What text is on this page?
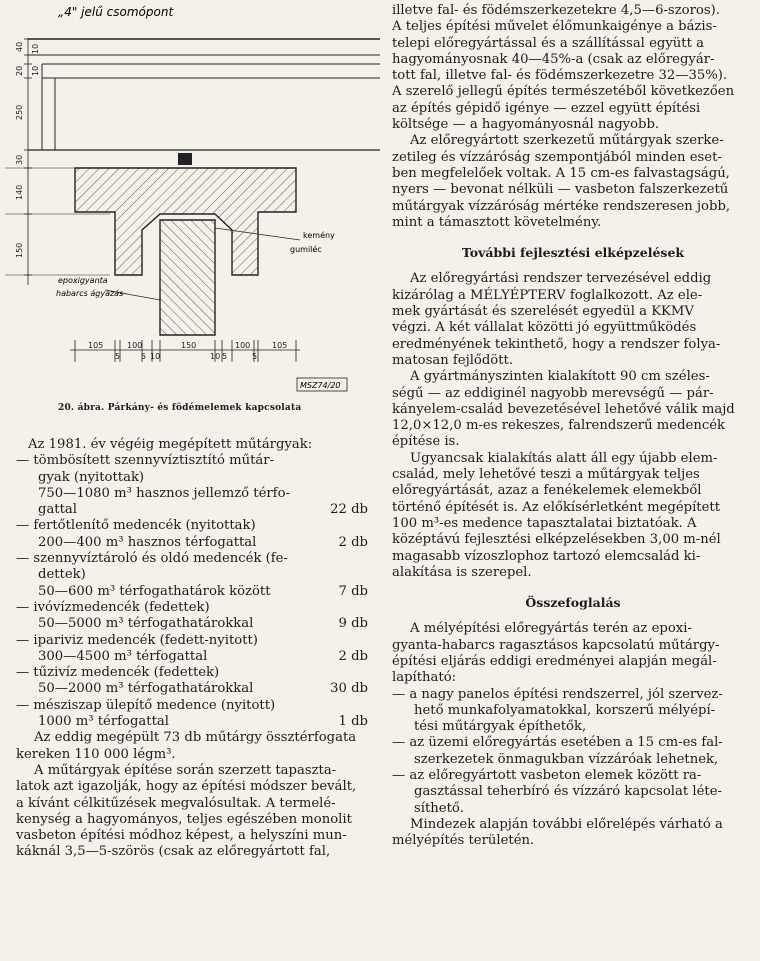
„4" jelű csomópont
kemény
gumiléc
epoxigyanta
habarcs ágyazás
40 10
20 10
250
30
140
150
105
5
100
5 10
150
10 5
100
5
105
MSZ74/20
20. ábra. Párkány- és födémelemek kapcsolata

Az 1981. év végéig megépített műtárgyak:

— tömbösített szennyvíztisztító műtár-
gyak (nyitottak)
750—1080 m³ hasznos jellemző térfo-
gattal	22 db
— fertőtlenítő medencék (nyitottak)
200—400 m³ hasznos térfogattal	2 db
— szennyvíztároló és oldó medencék (fe-
dettek)
50—600 m³ térfogathatárok között	7 db
— ivóvízmedencék (fedettek)
50—5000 m³ térfogathatárokkal	9 db
— ipariviz medencék (fedett-nyitott)
300—4500 m³ térfogattal	2 db
— tűzivíz medencék (fedettek)
50—2000 m³ térfogathatárokkal	30 db
— mésziszap ülepítő medence (nyitott)
1000 m³ térfogattal	1 db
Az eddig megépült 73 db műtárgy össztérfogata
kereken 110 000 légm³.
A műtárgyak építése során szerzett tapaszta-
latok azt igazolják, hogy az építési módszer bevált,
a kívánt célkitűzések megvalósultak. A termelé-
kenység a hagyományos, teljes egészében monolit
vasbeton építési módhoz képest, a helyszíni mun-
káknál 3,5—5-szörös (csak az előregyártott fal,
illetve fal- és födémszerkezetekre 4,5—6-szoros).
A teljes építési művelet élőmunkaigénye a bázis-
telepi előregyártással és a szállítással együtt a
hagyományosnak 40—45%-a (csak az előregyár-
tott fal, illetve fal- és födémszerkezetre 32—35%).
A szerelő jellegű építés természetéből következően
az építés gépidő igénye — ezzel együtt építési
költsége — a hagyományosnál nagyobb.
Az előregyártott szerkezetű műtárgyak szerke-
zetileg és vízzáróság szempontjából minden eset-
ben megfelelőek voltak. A 15 cm-es falvastagságú,
nyers — bevonat nélküli — vasbeton falszerkezetű
műtárgyak vízzáróság mértéke rendszeresen jobb,
mint a támasztott követelmény.
További fejlesztési elképzelések
Az előregyártási rendszer tervezésével eddig
kizárólag a MÉLYÉPTERV foglalkozott. Az ele-
mek gyártását és szerelését egyedül a KKMV
végzi. A két vállalat közötti jó együttműködés
eredményének tekinthető, hogy a rendszer folya-
matosan fejlődött.
A gyártmányszinten kialakított 90 cm széles-
ségű — az eddiginél nagyobb merevségű — pár-
kányelem-család bevezetésével lehetővé válik majd
12,0×12,0 m-es rekeszes, falrendszerű medencék
építése is.
Ugyancsak kialakítás alatt áll egy újabb elem-
család, mely lehetővé teszi a műtárgyak teljes
előregyártását, azaz a fenékelemek elemekből
történő építését is. Az előkísérletként megépített
100 m³-es medence tapasztalatai biztatóak. A
középtávú fejlesztési elképzelésekben 3,00 m-nél
magasabb vízoszlophoz tartozó elemcsalád ki-
alakítása is szerepel.
Összefoglalás
A mélyépítési előregyártás terén az epoxi-
gyanta-habarcs ragasztásos kapcsolatú műtárgy-
építési eljárás eddigi eredményei alapján megál-
lapítható:
— a nagy panelos építési rendszerrel, jól szervez-
hető munkafolyamatokkal, korszerű mélyépí-
tési műtárgyak építhetők,
— az üzemi előregyártás esetében a 15 cm-es fal-
szerkezetek önmagukban vízzáróak lehetnek,
— az előregyártott vasbeton elemek között ra-
gasztással teherbíró és vízzáró kapcsolat léte-
síthető.
Mindezek alapján további előrelépés várható a
mélyépítés területén.
